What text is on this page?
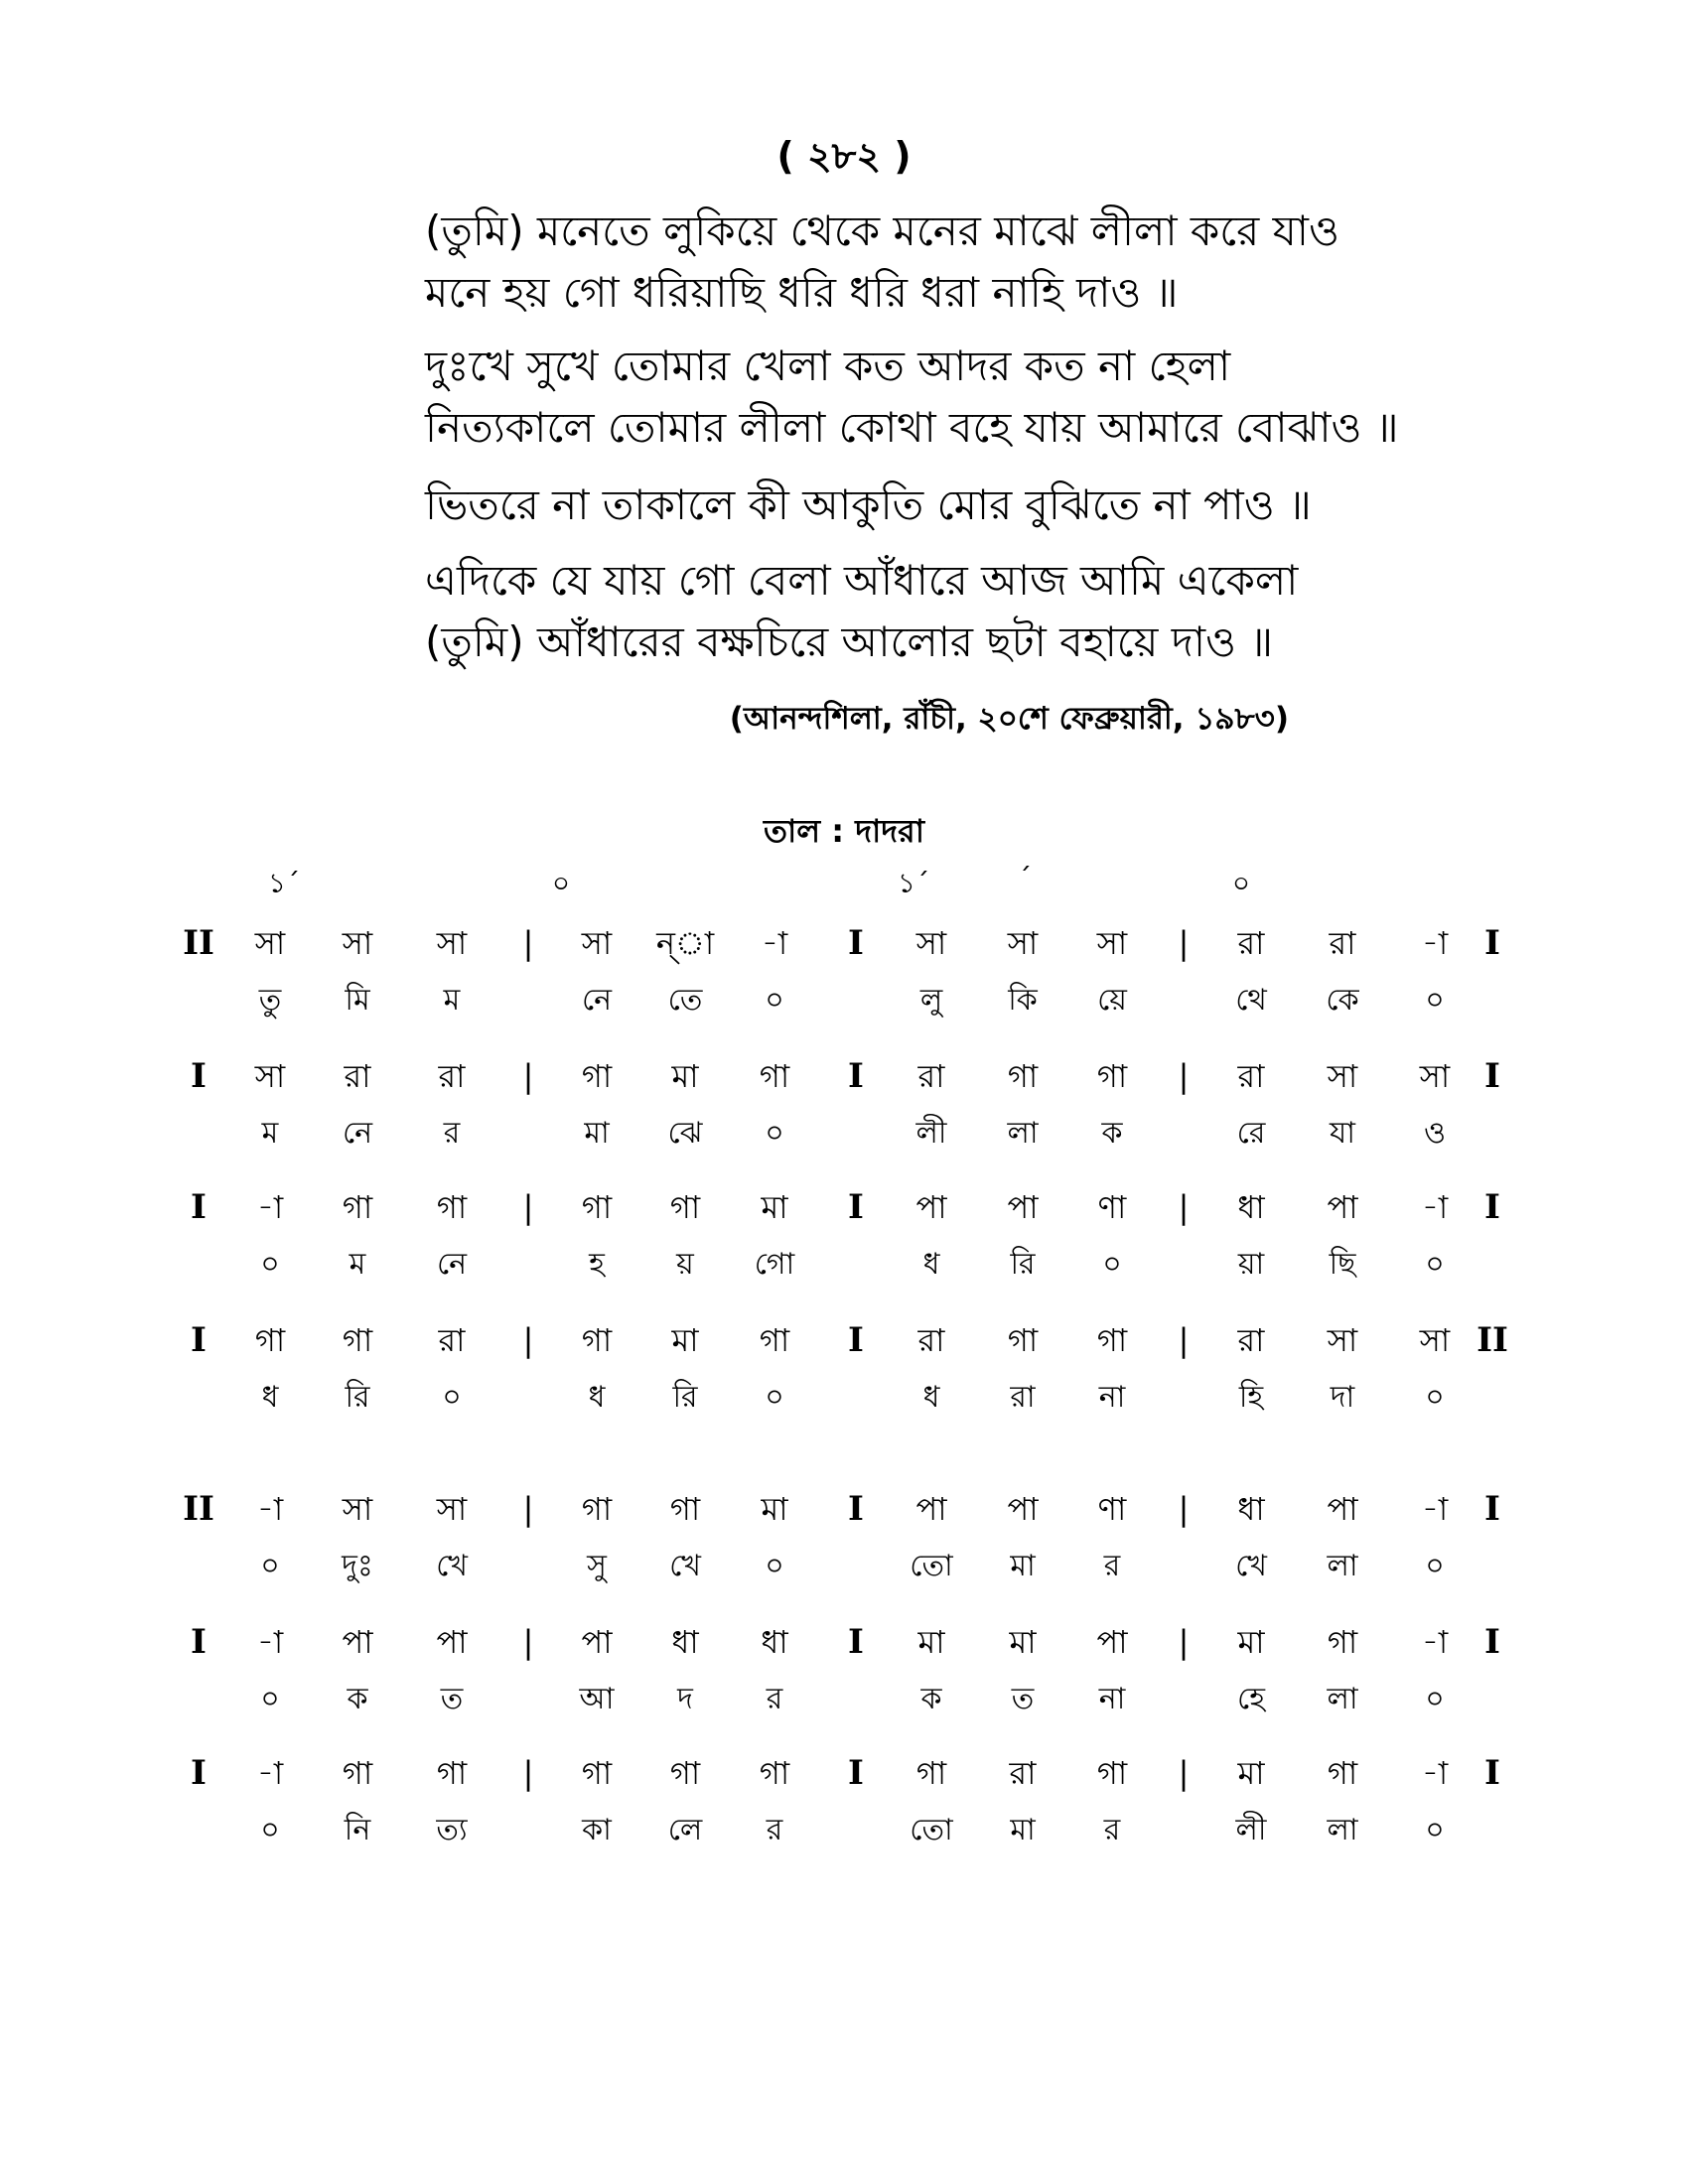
( ২৮২ )
(তুমি) মনেতে লুকিয়ে থেকে মনের মাঝে লীলা করে যাও
মনে হয় গো ধরিয়াছি ধরি ধরি ধরা নাহি দাও ॥
দুঃখে সুখে তোমার খেলা কত আদর কত না হেলা
নিত্যকালে তোমার লীলা কোথা বহে যায় আমারে বোঝাও ॥
ভিতরে না তাকালে কী আকুতি মোর বুঝিতে না পাও ॥
এদিকে যে যায় গো বেলা আঁধারে আজ আমি একেলা
(তুমি) আঁধারের বক্ষচিরে আলোর ছটা বহায়ে দাও ॥
(আনন্দশিলা, রাঁচী, ২০শে ফেব্রুয়ারী, ১৯৮৩)
তাল : দাদরা
১´	০	১´	´	০
II	|	I	|	I
সা	সা	সা	সা	ন্‌া	-া	সা	সা	সা	রা	রা	-া
তু	মি	ম	নে	তে	০	লু	কি	য়ে	থে	কে	০
I	|	I	|	I
সা	রা	রা	গা	মা	গা	রা	গা	গা	রা	সা	সা
ম	নে	র	মা	ঝে	০	লী	লা	ক	রে	যা	ও
I	|	I	|	I
-া	গা	গা	গা	গা	মা	পা	পা	ণা	ধা	পা	-া
০	ম	নে	হ	য়	গো	ধ	রি	০	য়া	ছি	০
I	|	I	|	II
গা	গা	রা	গা	মা	গা	রা	গা	গা	রা	সা	সা
ধ	রি	০	ধ	রি	০	ধ	রা	না	হি	দা	০
II	|	I	|	I
-া	সা	সা	গা	গা	মা	পা	পা	ণা	ধা	পা	-া
০	দুঃ	খে	সু	খে	০	তো	মা	র	খে	লা	০
I	|	I	|	I
-া	পা	পা	পা	ধা	ধা	মা	মা	পা	মা	গা	-া
০	ক	ত	আ	দ	র	ক	ত	না	হে	লা	০
I	|	I	|	I
-া	গা	গা	গা	গা	গা	গা	রা	গা	মা	গা	-া
০	নি	ত্য	কা	লে	র	তো	মা	র	লী	লা	০
